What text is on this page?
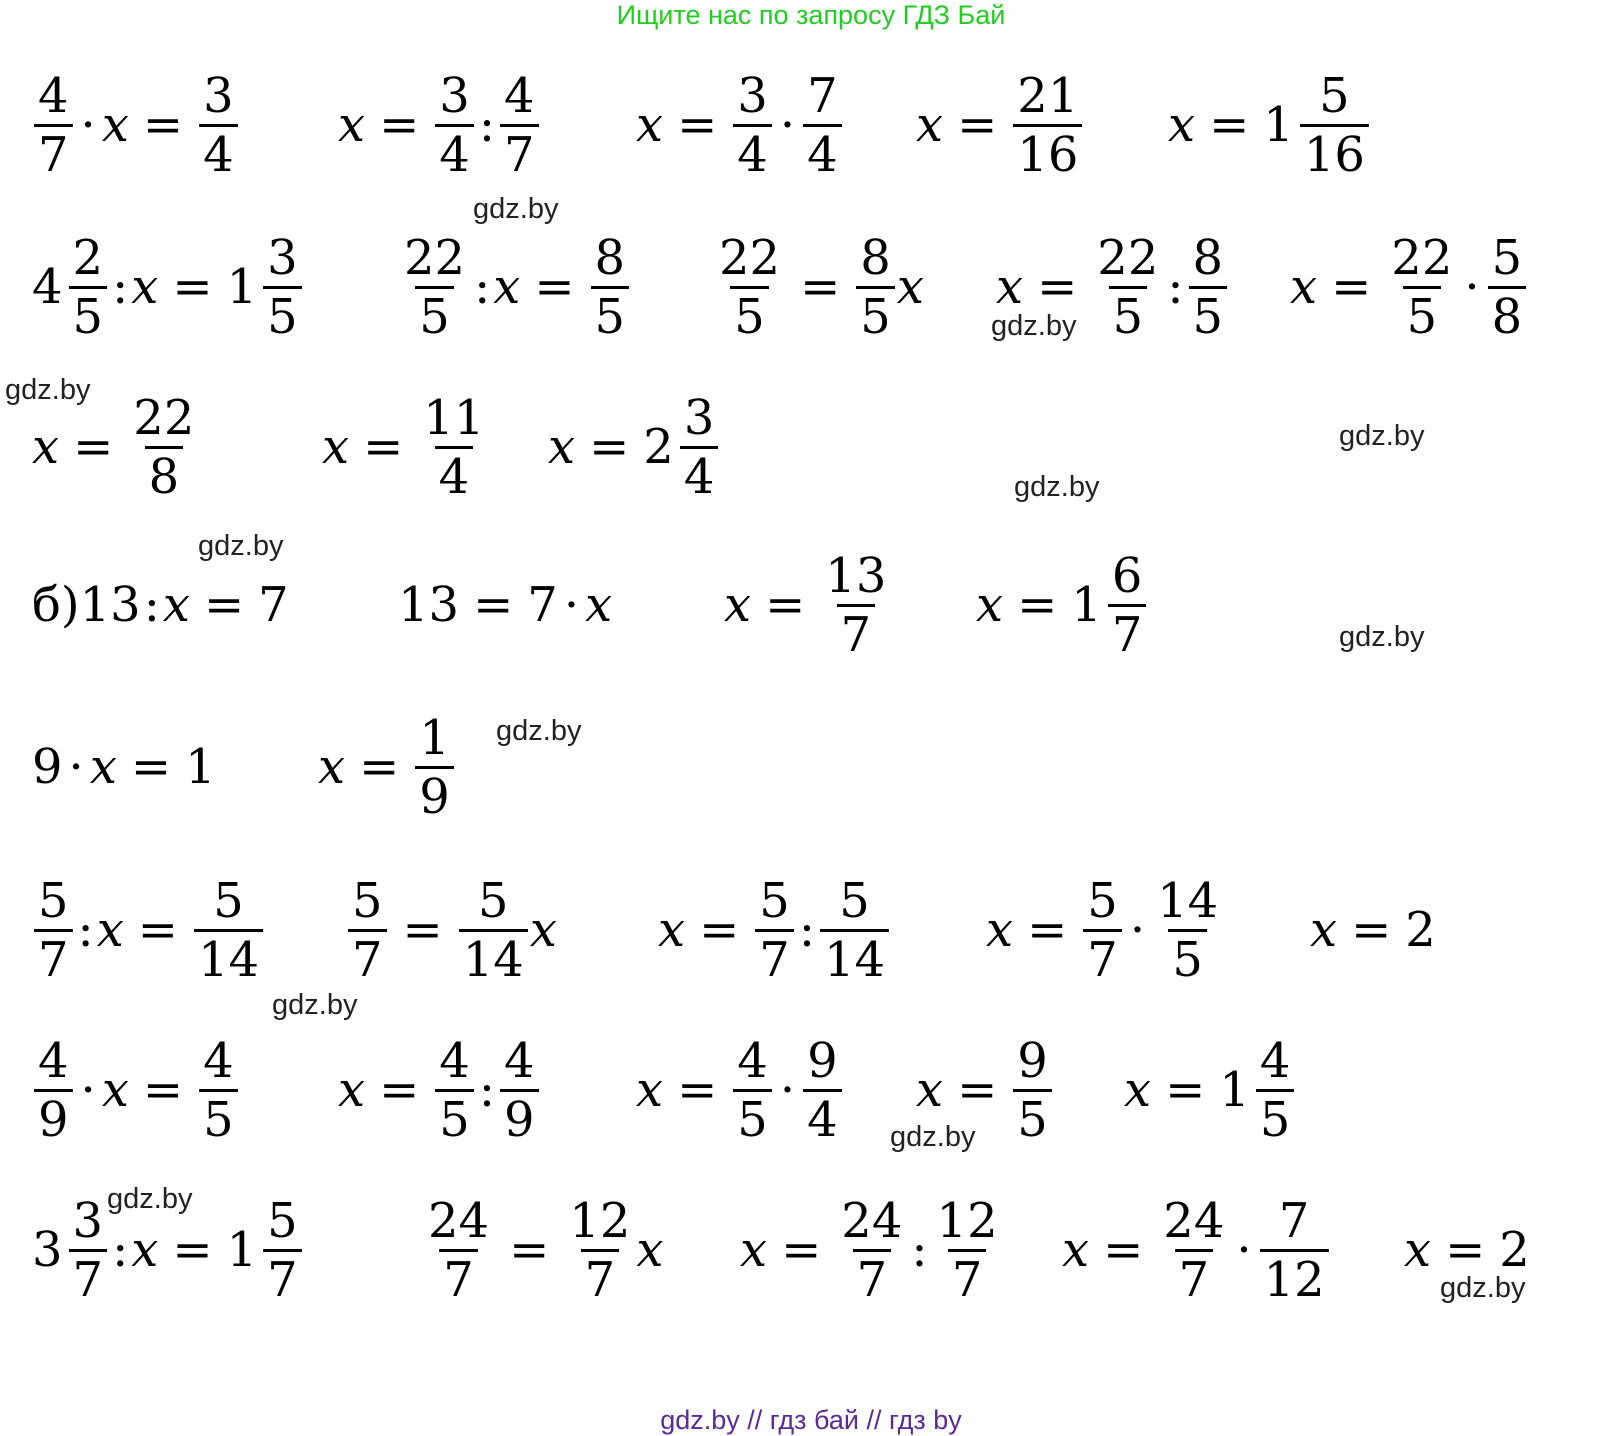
Ищите нас по запросу ГДЗ Бай
$\frac{4}{7} \cdot x = \frac{3}{4}$ $x = \frac{3}{4}$ : $\frac{4}{7}$ $x = \frac{3}{4} \cdot \frac{7}{4}$ $x = \frac{21}{16}$ $x = 1 \frac{5}{16}$
$4 \frac{2}{5}$ : $x = 1 \frac{3}{5} \frac{22}{5}$ : $x = \frac{8}{5} \frac{22}{5} = \frac{8}{5}$ x $x = \frac{22}{5}$ : $\frac{8}{5}$ $x = \frac{22}{5} \cdot \frac{5}{8}$
$x = \frac{22}{8}$	$x = \frac{11}{4}$ $x = 2 \frac{3}{4}$
б)13 : x = 7 13 = 7 · x $x = \frac{13}{7}$ $x = 1 \frac{6}{7}$
9 · x = 1 $x = \frac{1}{9}$
$\frac{5}{7}$ : $x = \frac{5}{14} \frac{5}{7} = \frac{5}{14}$ x $x = \frac{5}{7}$ : $\frac{5}{14}$ $x = \frac{5}{7} \cdot \frac{14}{5}$ x = 2
$\frac{4}{9} \cdot x = \frac{4}{5}$ $x = \frac{4}{5}$ : $\frac{4}{9}$ $x = \frac{4}{5} \cdot \frac{9}{4}$ $x = \frac{9}{5}$ $x = 1 \frac{4}{5}$
$3 \frac{3}{7}$ : $x = 1 \frac{5}{7}$	$\frac{24}{7} = \frac{12}{7}$ x $x = \frac{24}{7}$ : $\frac{12}{7}$ $x = \frac{24}{7} \cdot \frac{7}{12}$ x = 2
gdz.by
gdz.by
gdz.by
gdz.by
gdz.by
gdz.by
gdz.by
gdz.by
gdz.by
gdz.by
gdz.by
gdz.by
gdz.by // гдз бай // гдз by
